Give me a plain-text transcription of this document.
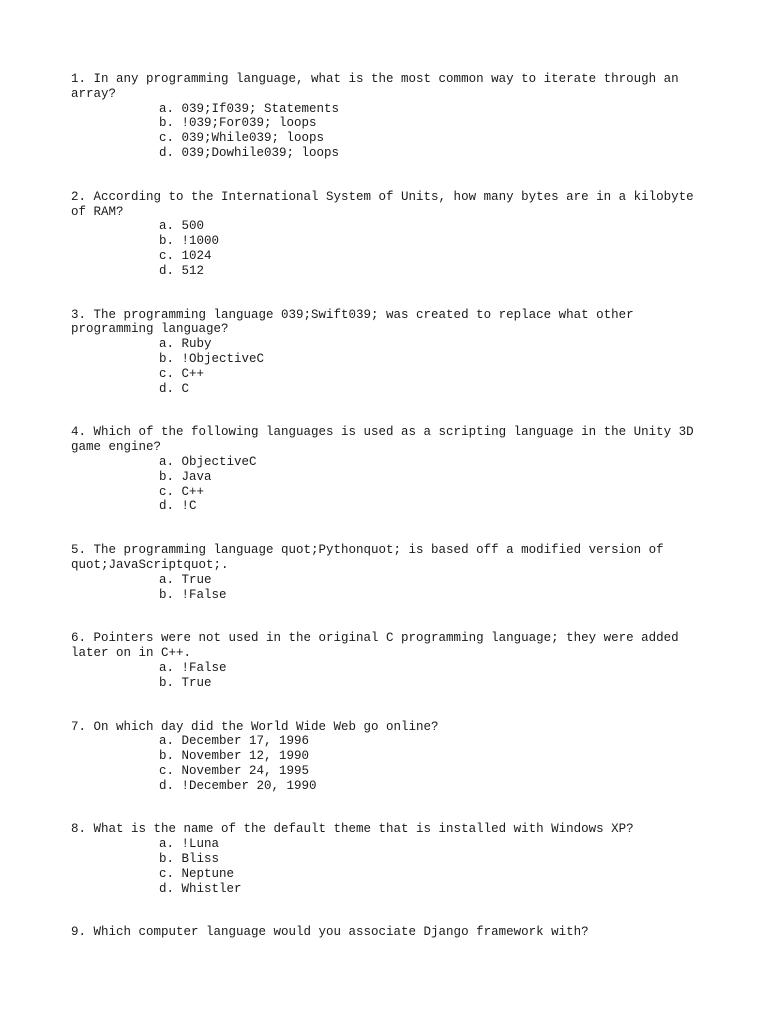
1. In any programming language, what is the most common way to iterate through an
array?

a. 039;If039; Statements
b. !039;For039; loops
c. 039;While039; loops
d. 039;Dowhile039; loops

2. According to the International System of Units, how many bytes are in a kilobyte
of RAM?

a. 500
b. !1000
c. 1024
d. 512

3. The programming language 039;Swift039; was created to replace what other
programming language?

a. Ruby
b. !ObjectiveC
c. C++
d. C

4. Which of the following languages is used as a scripting language in the Unity 3D
game engine?

a. ObjectiveC
b. Java
c. C++
d. !C

5. The programming language quot;Pythonquot; is based off a modified version of
quot;JavaScriptquot;.

a. True
b. !False

6. Pointers were not used in the original C programming language; they were added
later on in C++.

a. !False
b. True

7. On which day did the World Wide Web go online?

a. December 17, 1996
b. November 12, 1990
c. November 24, 1995
d. !December 20, 1990

8. What is the name of the default theme that is installed with Windows XP?

a. !Luna
b. Bliss
c. Neptune
d. Whistler

9. Which computer language would you associate Django framework with?
